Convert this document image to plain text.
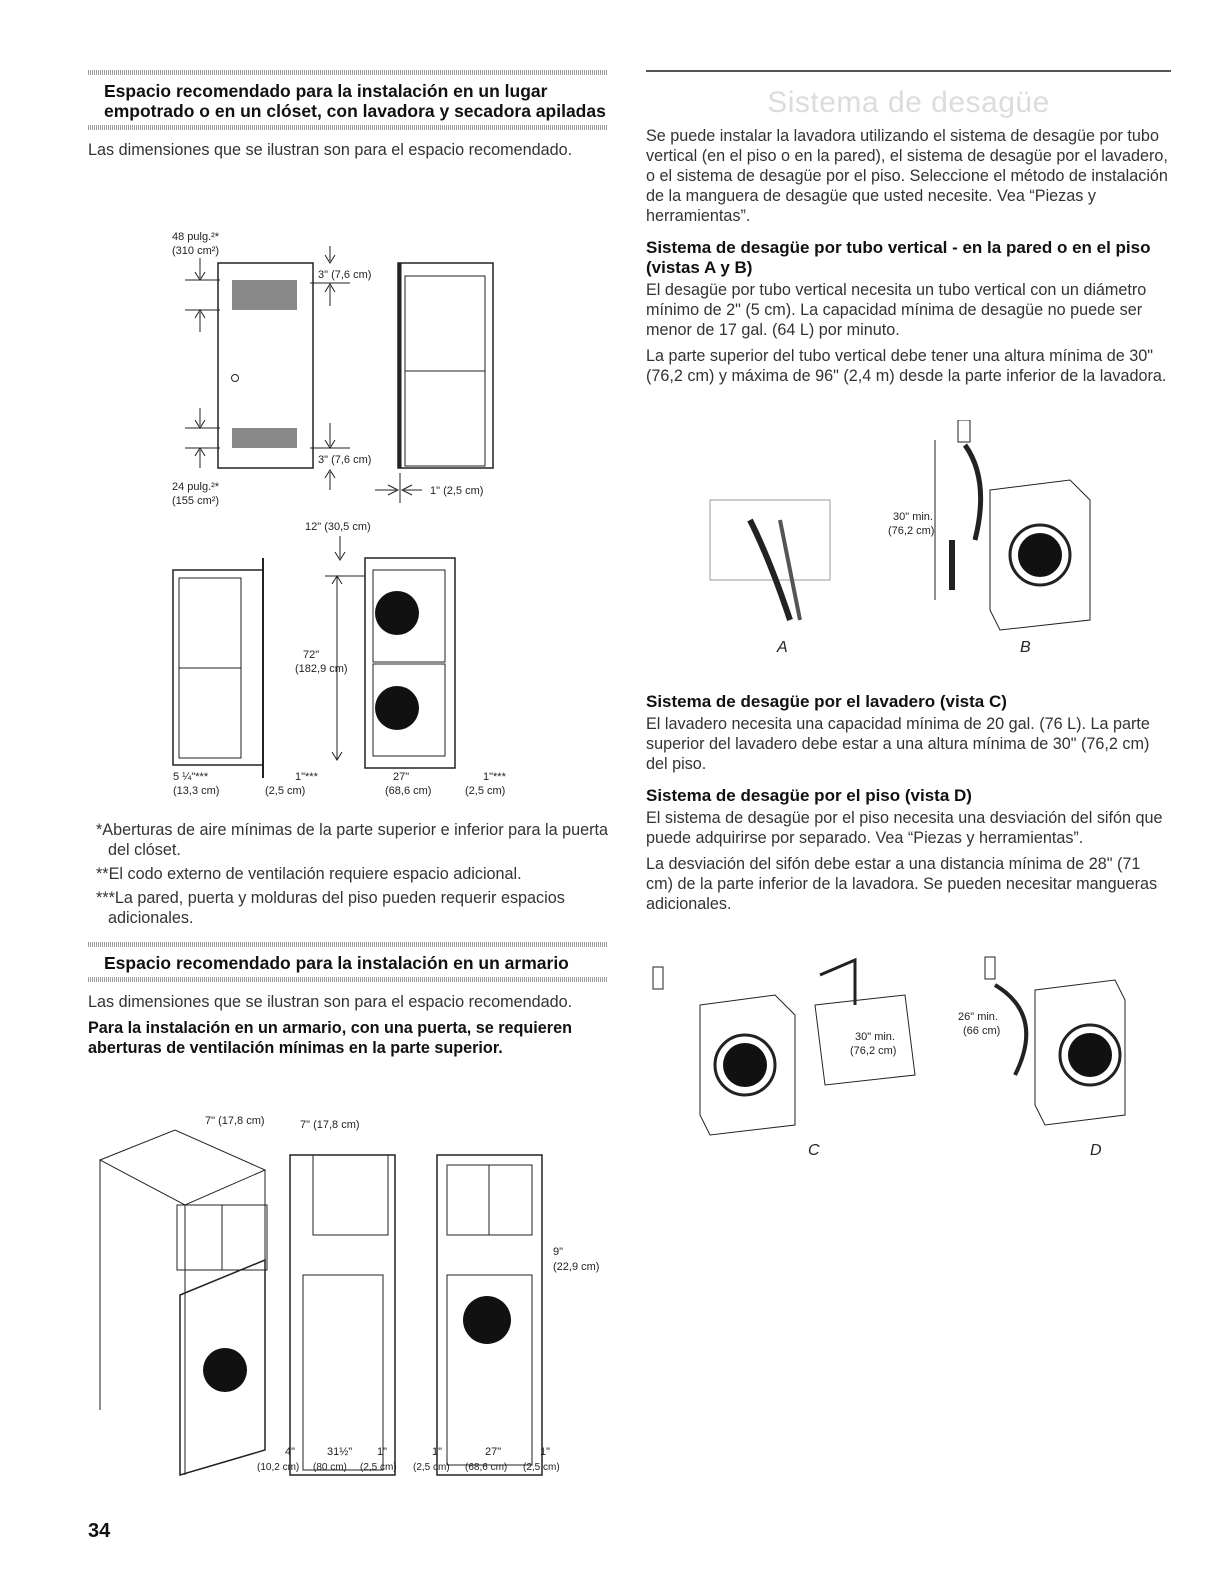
Espacio recomendado para la instalación en un lugar empotrado o en un clóset, con lavadora y secadora apiladas

Las dimensiones que se ilustran son para el espacio recomendado.

48 pulg.²*
(310 cm²)
3" (7,6 cm)
3" (7,6 cm)
24 pulg.²*
(155 cm²)
1" (2,5 cm)
12" (30,5 cm)
72"
(182,9 cm)
5 ¼"***
(13,3 cm)
1"***
(2,5 cm)
27"
(68,6 cm)
1"***
(2,5 cm)

*Aberturas de aire mínimas de la parte superior e inferior para la puerta del clóset.

**El codo externo de ventilación requiere espacio adicional.

***La pared, puerta y molduras del piso pueden requerir espacios adicionales.

Espacio recomendado para la instalación en un armario

Las dimensiones que se ilustran son para el espacio recomendado.

Para la instalación en un armario, con una puerta, se requieren aberturas de ventilación mínimas en la parte superior.

7" (17,8 cm)	7" (17,8 cm)
9"
(22,9 cm)
4"	31½" 1"	1"	27"	1"
(10,2 cm) (80 cm) (2,5 cm) (2,5 cm) (68,6 cm) (2,5 cm)
Sistema de desagüe

Se puede instalar la lavadora utilizando el sistema de desagüe por tubo vertical (en el piso o en la pared), el sistema de desagüe por el lavadero, o el sistema de desagüe por el piso. Seleccione el método de instalación de la manguera de desagüe que usted necesite. Vea “Piezas y herramientas”.

Sistema de desagüe por tubo vertical - en la pared o en el piso (vistas A y B)

El desagüe por tubo vertical necesita un tubo vertical con un diámetro mínimo de 2" (5 cm). La capacidad mínima de desagüe no puede ser menor de 17 gal. (64 L) por minuto.

La parte superior del tubo vertical debe tener una altura mínima de 30" (76,2 cm) y máxima de 96" (2,4 m) desde la parte inferior de la lavadora.

30" min.
(76,2 cm)
A	B
Sistema de desagüe por el lavadero (vista C)

El lavadero necesita una capacidad mínima de 20 gal. (76 L). La parte superior del lavadero debe estar a una altura mínima de 30" (76,2 cm) del piso.

Sistema de desagüe por el piso (vista D)

El sistema de desagüe por el piso necesita una desviación del sifón que puede adquirirse por separado. Vea “Piezas y herramientas”.

La desviación del sifón debe estar a una distancia mínima de 28" (71 cm) de la parte inferior de la lavadora. Se pueden necesitar mangueras adicionales.

30" min.
(76,2 cm)
26" min.
(66 cm)
C	D
34
